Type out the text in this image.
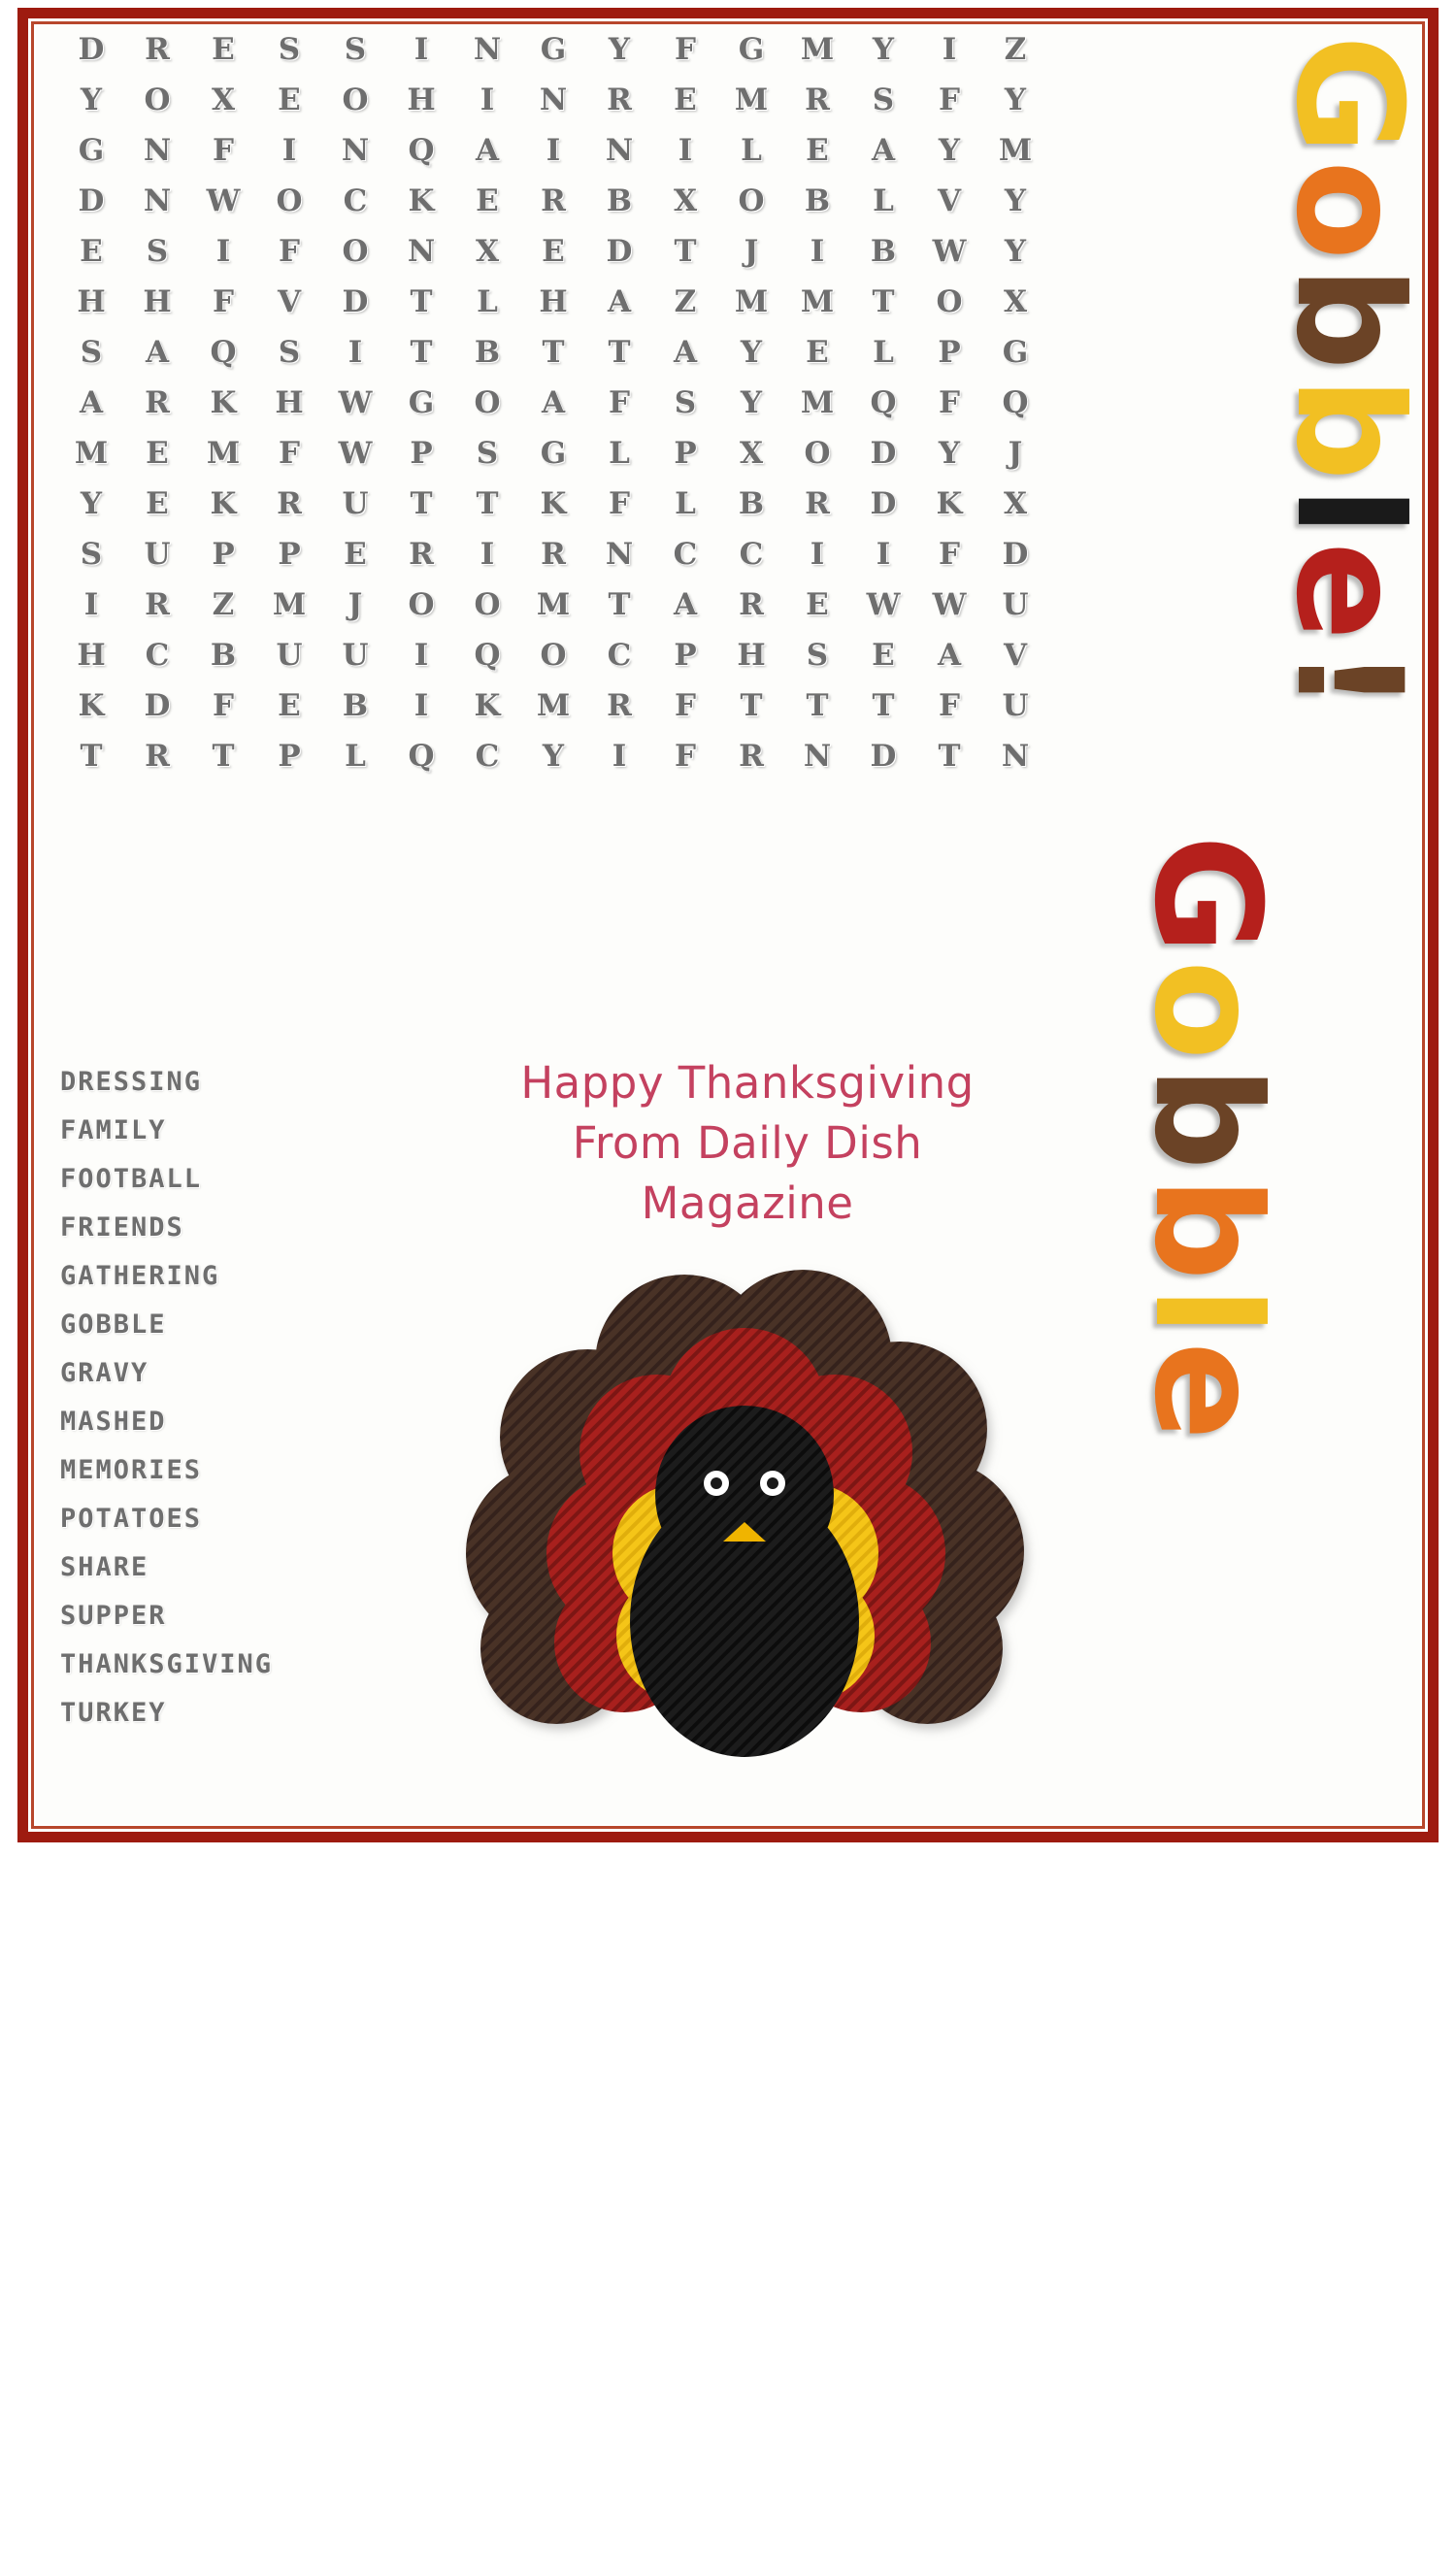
D	R	E	S	S	I	N	G	Y	F	G	M	Y	I	Z
Y	O	X	E	O	H	I	N	R	E	M	R	S	F	Y
G	N	F	I	N	Q	A	I	N	I	L	E	A	Y	M
D	N	W	O	C	K	E	R	B	X	O	B	L	V	Y
E	S	I	F	O	N	X	E	D	T	J	I	B	W	Y
H	H	F	V	D	T	L	H	A	Z	M	M	T	O	X
S	A	Q	S	I	T	B	T	T	A	Y	E	L	P	G
A	R	K	H	W	G	O	A	F	S	Y	M	Q	F	Q
M	E	M	F	W	P	S	G	L	P	X	O	D	Y	J
Y	E	K	R	U	T	T	K	F	L	B	R	D	K	X
S	U	P	P	E	R	I	R	N	C	C	I	I	F	D
I	R	Z	M	J	O	O	M	T	A	R	E	W	W	U
H	C	B	U	U	I	Q	O	C	P	H	S	E	A	V
K	D	F	E	B	I	K	M	R	F	T	T	T	F	U
T	R	T	P	L	Q	C	Y	I	F	R	N	D	T	N
DRESSING
FAMILY
FOOTBALL
FRIENDS
GATHERING
GOBBLE
GRAVY
MASHED
MEMORIES
POTATOES
SHARE
SUPPER
THANKSGIVING
TURKEY
Happy Thanksgiving
From Daily Dish
Magazine
Gobble!
Gobble
